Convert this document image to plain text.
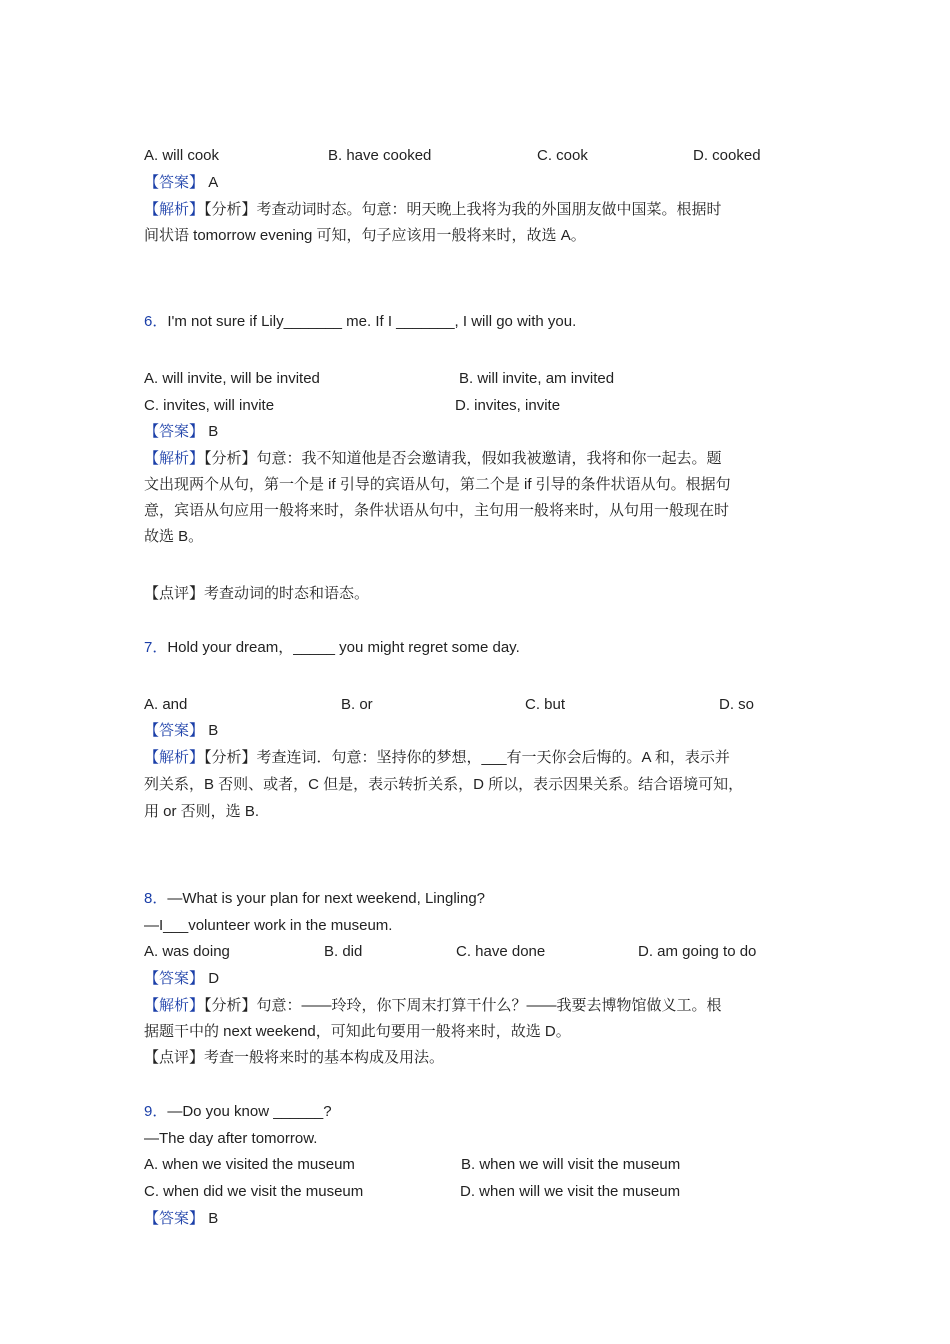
A. will cook	B. have cooked	C. cook	D. cooked
【答案】 A
【解析】【分析】考查动词时态。句意：明天晚上我将为我的外国朋友做中国菜。根据时
间状语 tomorrow evening 可知，句子应该用一般将来时，故选 A。
6．I'm not sure if Lily_______ me. If I _______, I will go with you.
A. will invite, will be invited	B. will invite, am invited
C. invites, will invite	D. invites, invite
【答案】 B
【解析】【分析】句意：我不知道他是否会邀请我，假如我被邀请，我将和你一起去。题
文出现两个从句，第一个是 if 引导的宾语从句，第二个是 if 引导的条件状语从句。根据句
意，宾语从句应用一般将来时，条件状语从句中，主句用一般将来时，从句用一般现在时
故选 B。
【点评】考查动词的时态和语态。
7．Hold your dream，_____ you might regret some day.
A. and	B. or	C. but	D. so
【答案】 B
【解析】【分析】考查连词．句意：坚持你的梦想，___有一天你会后悔的。A 和，表示并
列关系，B 否则、或者，C 但是，表示转折关系，D 所以，表示因果关系。结合语境可知，
用 or 否则，选 B.
8．—What is your plan for next weekend, Lingling?
—I___volunteer work in the museum.
A. was doing	B. did	C. have done	D. am going to do
【答案】 D
【解析】【分析】句意：——玲玲，你下周末打算干什么？——我要去博物馆做义工。根
据题干中的 next weekend，可知此句要用一般将来时，故选 D。
【点评】考查一般将来时的基本构成及用法。
9．—Do you know ______?
—The day after tomorrow.
A. when we visited the museum	B. when we will visit the museum
C. when did we visit the museum	D. when will we visit the museum
【答案】 B
